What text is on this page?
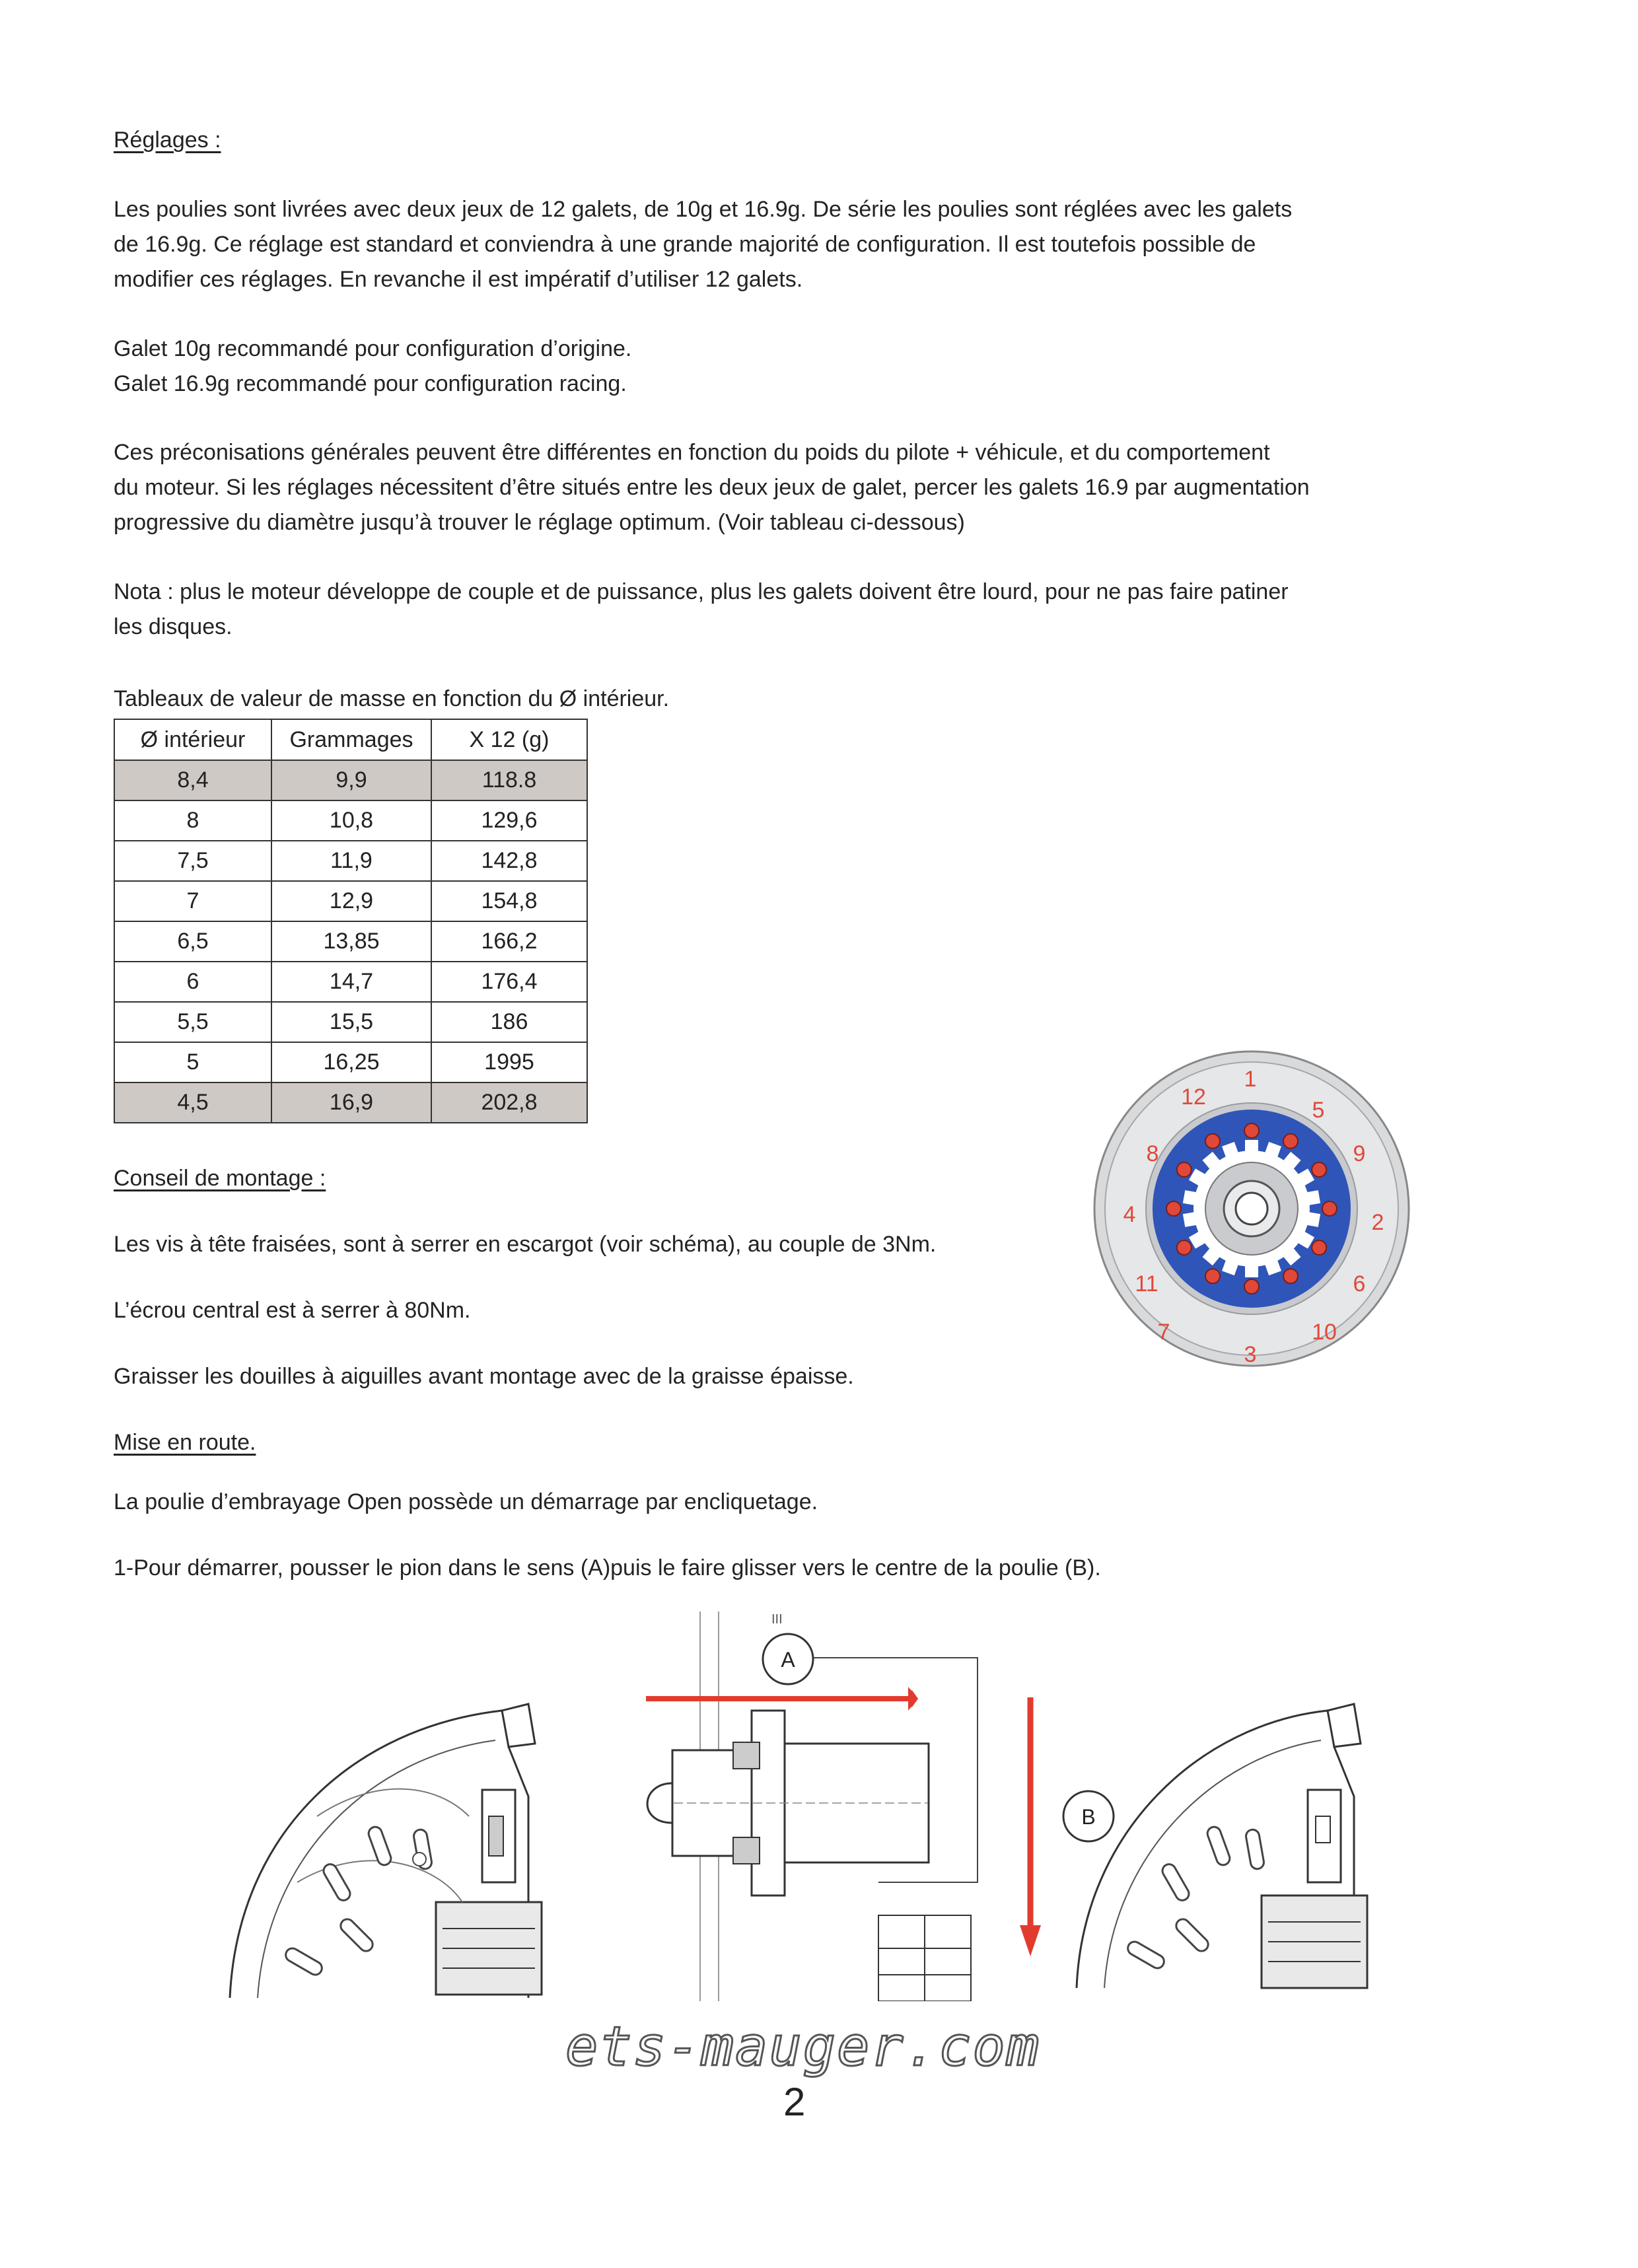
Réglages :

Les poulies sont livrées avec deux jeux de 12 galets, de 10g et 16.9g. De série les poulies sont réglées avec les galets

de 16.9g. Ce réglage est standard et conviendra à une grande majorité de configuration. Il est toutefois possible de

modifier ces réglages. En revanche il est impératif d’utiliser 12 galets.

Galet 10g recommandé pour configuration d’origine.

Galet 16.9g recommandé pour configuration racing.

Ces préconisations générales peuvent être différentes en fonction du poids du pilote + véhicule, et du comportement

du moteur. Si les réglages nécessitent d’être situés entre les deux jeux de galet, percer les galets 16.9 par augmentation

progressive du diamètre jusqu’à trouver le réglage optimum. (Voir tableau ci-dessous)

Nota : plus le moteur développe de couple et de puissance, plus les galets doivent être lourd, pour ne pas faire patiner

les disques.

Tableaux de valeur de masse en fonction du Ø intérieur.
Ø intérieur	Grammages	X 12 (g)
8,4	9,9	118.8
8	10,8	129,6
7,5	11,9	142,8
7	12,9	154,8
6,5	13,85	166,2
6	14,7	176,4
5,5	15,5	186
5	16,25	1995
4,5	16,9	202,8
1
2
3
4
5
6
7
8	9
10
11
12
Conseil de montage :
Les vis à tête fraisées, sont à serrer en escargot (voir schéma), au couple de 3Nm.
L’écrou central est à serrer à 80Nm.
Graisser les douilles à aiguilles avant montage avec de la graisse épaisse.
Mise en route.
La poulie d’embrayage Open possède un démarrage par encliquetage.
1-Pour démarrer, pousser le pion dans le sens (A)puis le faire glisser vers le centre de la poulie (B).
III
A
B
ets-mauger.com
2
